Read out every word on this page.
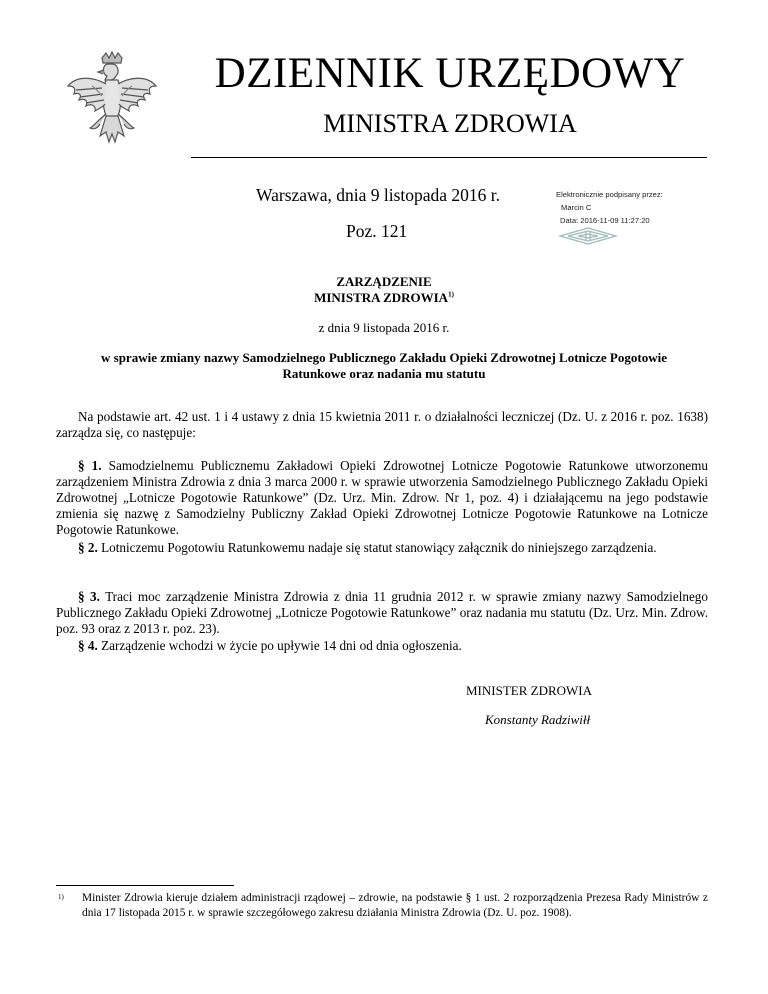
DZIENNIK URZĘDOWY
MINISTRA ZDROWIA
Warszawa, dnia 9 listopada 2016 r.
Poz. 121
Elektronicznie podpisany przez:
Marcin C
Data: 2016-11-09 11:27:20
ZARZĄDZENIE
MINISTRA ZDROWIA$^{1)}$
z dnia 9 listopada 2016 r.
w sprawie zmiany nazwy Samodzielnego Publicznego Zakładu Opieki Zdrowotnej Lotnicze Pogotowie Ratunkowe oraz nadania mu statutu
Na podstawie art. 42 ust. 1 i 4 ustawy z dnia 15 kwietnia 2011 r. o działalności leczniczej (Dz. U. z 2016 r. poz. 1638) zarządza się, co następuje:
§ 1. Samodzielnemu Publicznemu Zakładowi Opieki Zdrowotnej Lotnicze Pogotowie Ratunkowe utworzonemu zarządzeniem Ministra Zdrowia z dnia 3 marca 2000 r. w sprawie utworzenia Samodzielnego Publicznego Zakładu Opieki Zdrowotnej „Lotnicze Pogotowie Ratunkowe” (Dz. Urz. Min. Zdrow. Nr 1, poz. 4) i działającemu na jego podstawie zmienia się nazwę z Samodzielny Publiczny Zakład Opieki Zdrowotnej Lotnicze Pogotowie Ratunkowe na Lotnicze Pogotowie Ratunkowe.
§ 2. Lotniczemu Pogotowiu Ratunkowemu nadaje się statut stanowiący załącznik do niniejszego zarządzenia.
§ 3. Traci moc zarządzenie Ministra Zdrowia z dnia 11 grudnia 2012 r. w sprawie zmiany nazwy Samodzielnego Publicznego Zakładu Opieki Zdrowotnej „Lotnicze Pogotowie Ratunkowe” oraz nadania mu statutu (Dz. Urz. Min. Zdrow. poz. 93 oraz z 2013 r. poz. 23).
§ 4. Zarządzenie wchodzi w życie po upływie 14 dni od dnia ogłoszenia.
MINISTER ZDROWIA
Konstanty Radziwiłł
1) Minister Zdrowia kieruje działem administracji rządowej – zdrowie, na podstawie § 1 ust. 2 rozporządzenia Prezesa Rady Ministrów z dnia 17 listopada 2015 r. w sprawie szczegółowego zakresu działania Ministra Zdrowia (Dz. U. poz. 1908).
